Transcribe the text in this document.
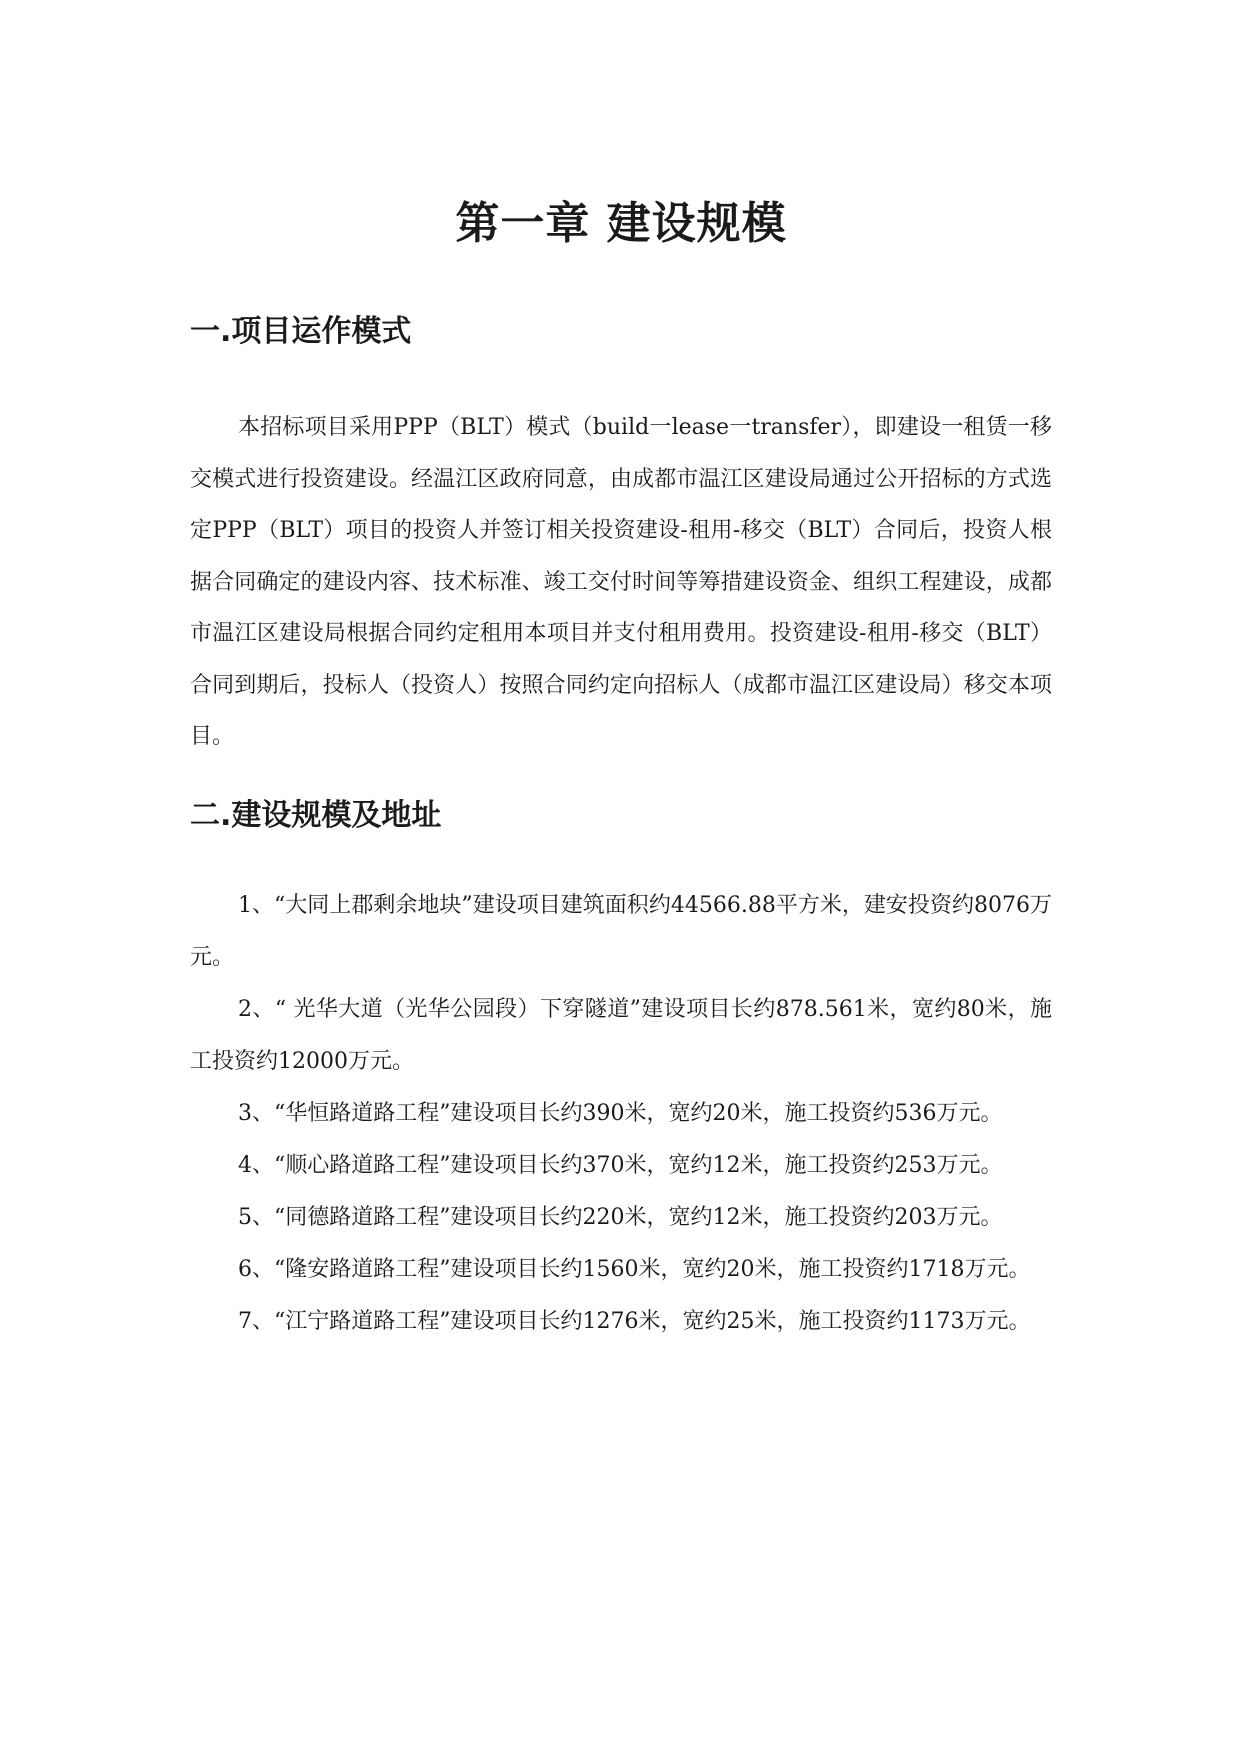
第一章 建设规模
一.项目运作模式

本招标项目采用PPP（BLT）模式（build一lease一transfer），即建设一租赁一移交模式进行投资建设。经温江区政府同意，由成都市温江区建设局通过公开招标的方式选定PPP（BLT）项目的投资人并签订相关投资建设-租用-移交（BLT）合同后，投资人根据合同确定的建设内容、技术标准、竣工交付时间等筹措建设资金、组织工程建设，成都市温江区建设局根据合同约定租用本项目并支付租用费用。投资建设-租用-移交（BLT）合同到期后，投标人（投资人）按照合同约定向招标人（成都市温江区建设局）移交本项目。

二.建设规模及地址
1、“大同上郡剩余地块”建设项目建筑面积约44566.88平方米，建安投资约8076万元。
2、“ 光华大道（光华公园段）下穿隧道”建设项目长约878.561米，宽约80米，施工投资约12000万元。
3、“华恒路道路工程”建设项目长约390米，宽约20米，施工投资约536万元。
4、“顺心路道路工程”建设项目长约370米，宽约12米，施工投资约253万元。
5、“同德路道路工程”建设项目长约220米，宽约12米，施工投资约203万元。
6、“隆安路道路工程”建设项目长约1560米，宽约20米，施工投资约1718万元。
7、“江宁路道路工程”建设项目长约1276米，宽约25米，施工投资约1173万元。
